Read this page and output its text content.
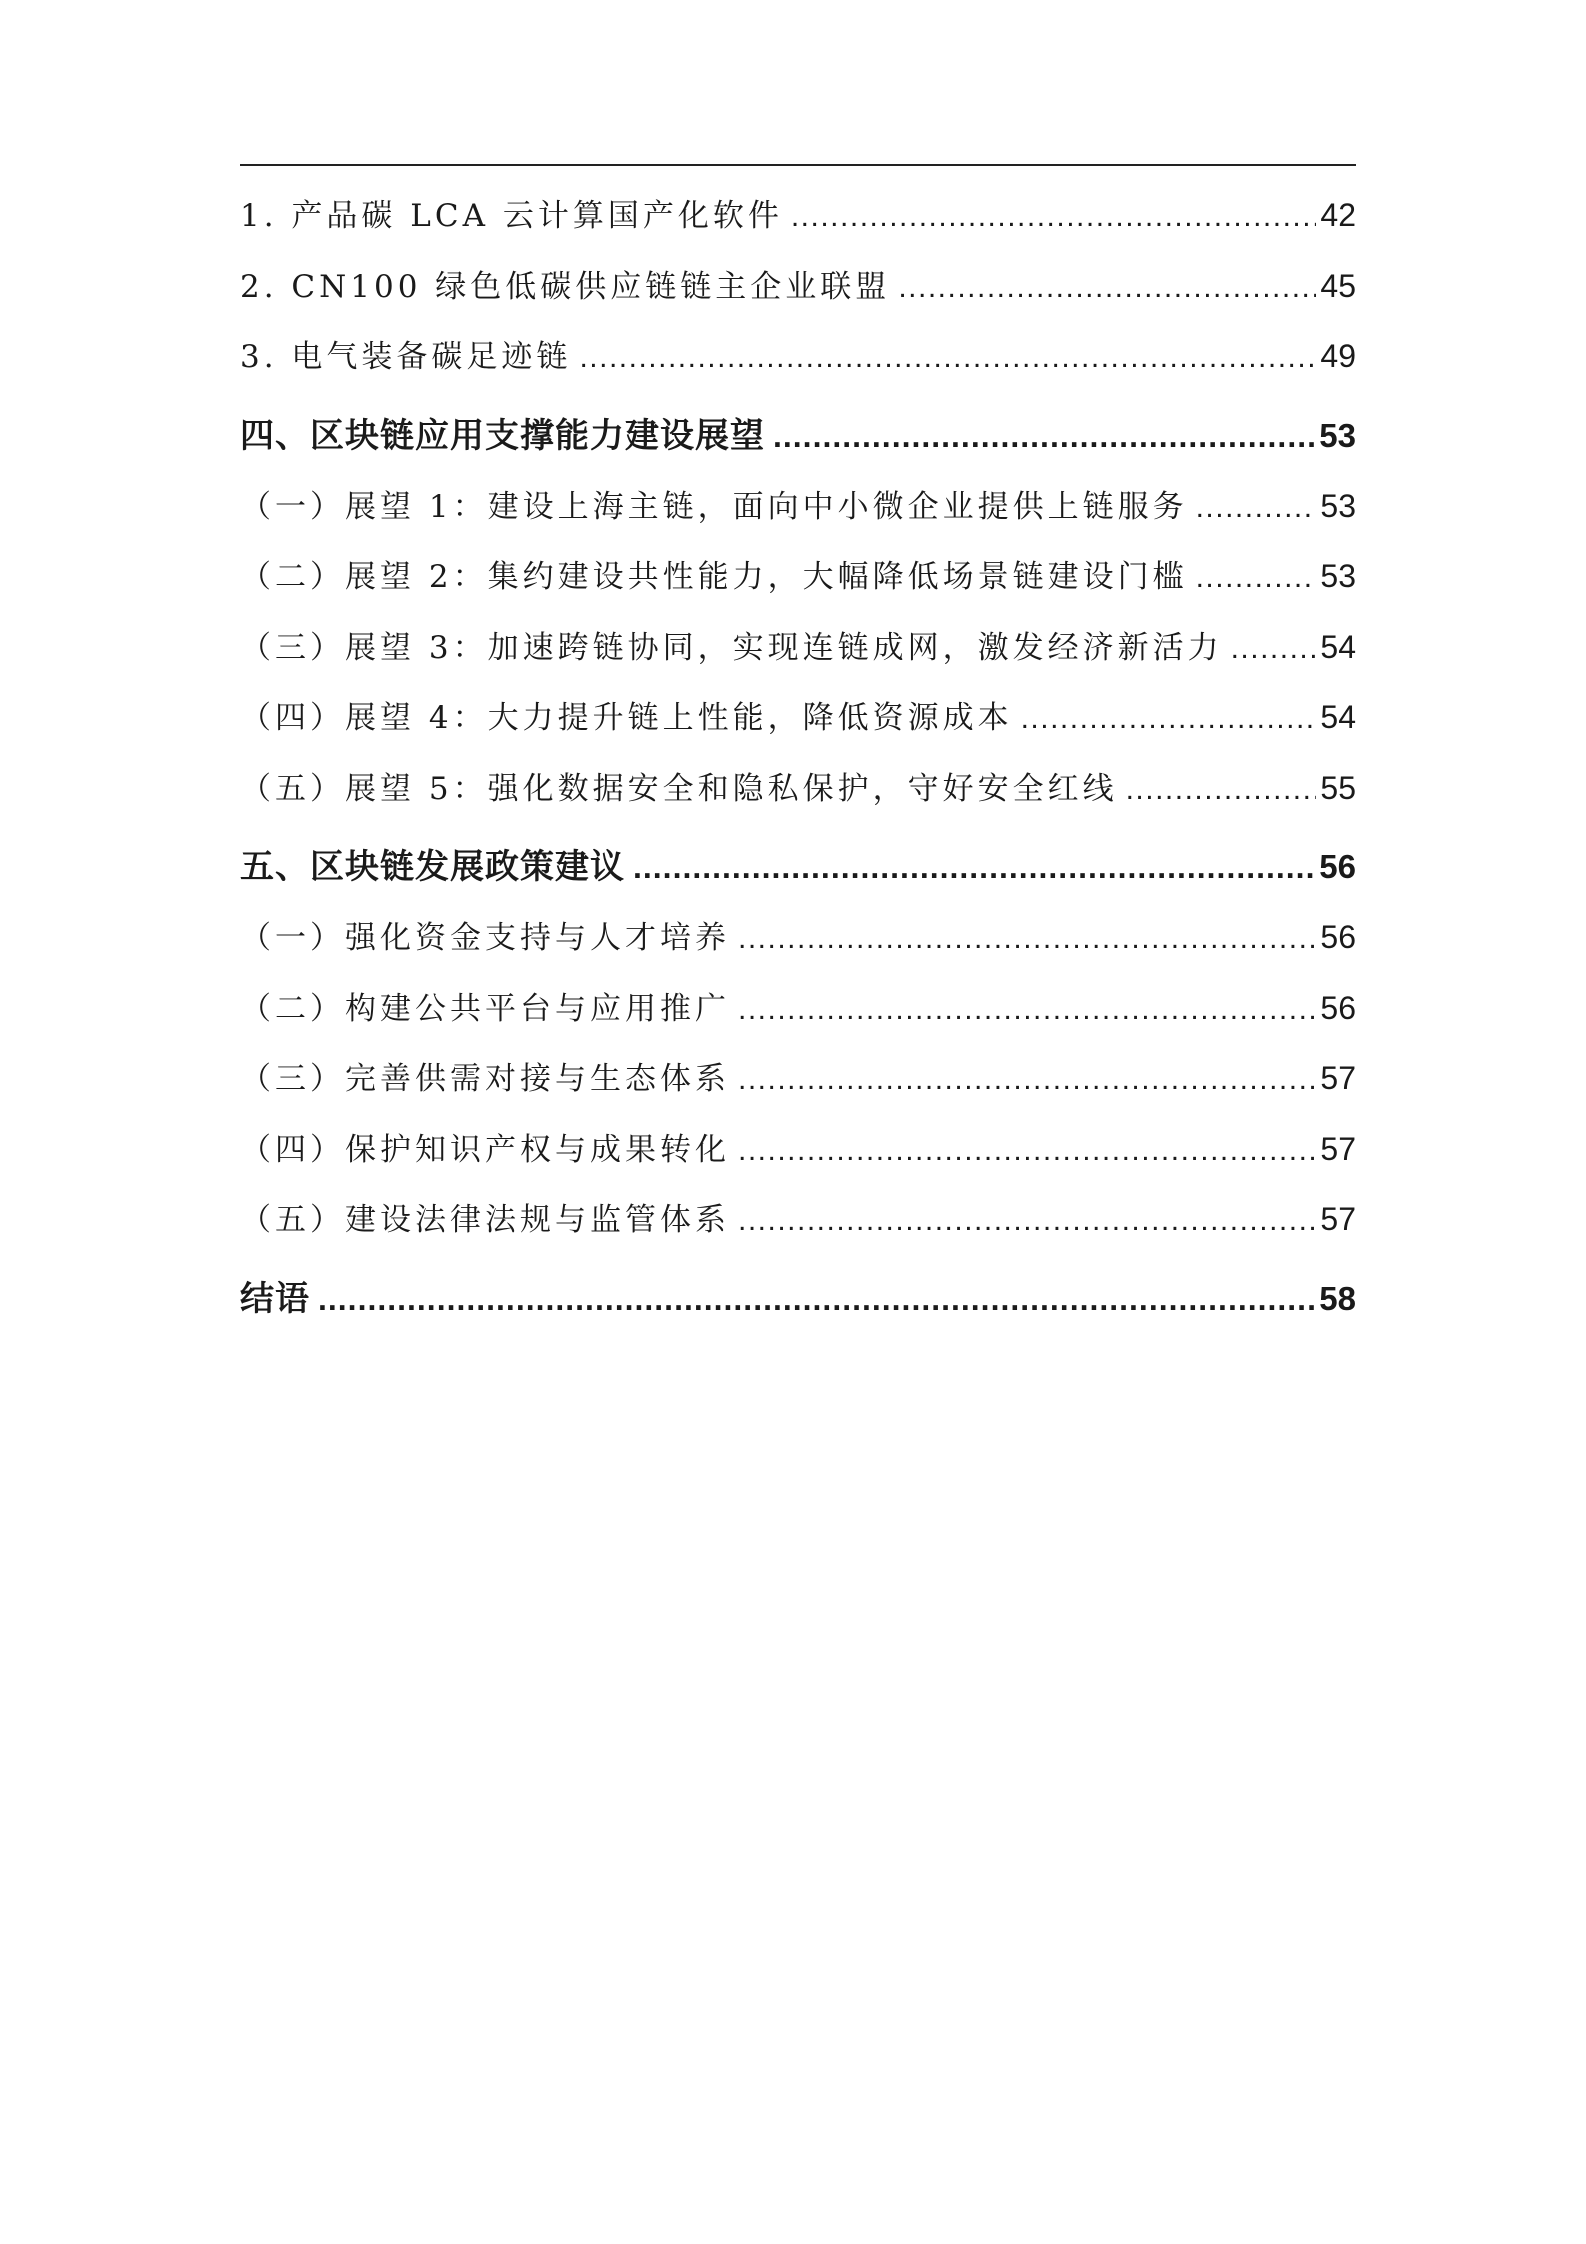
1. 产品碳 LCA 云计算国产化软件 .....	42
2. CN100 绿色低碳供应链链主企业联盟 .....	45
3. 电气装备碳足迹链 .....	49
四、区块链应用支撑能力建设展望 .....	53
（一）展望 1：建设上海主链，面向中小微企业提供上链服务 .....	53
（二）展望 2：集约建设共性能力，大幅降低场景链建设门槛 .....	53
（三）展望 3：加速跨链协同，实现连链成网，激发经济新活力 .....	54
（四）展望 4：大力提升链上性能，降低资源成本 .....	54
（五）展望 5：强化数据安全和隐私保护，守好安全红线 .....	55
五、区块链发展政策建议 .....	56
（一）强化资金支持与人才培养 .....	56
（二）构建公共平台与应用推广 .....	56
（三）完善供需对接与生态体系 .....	57
（四）保护知识产权与成果转化 .....	57
（五）建设法律法规与监管体系 .....	57
结语 .....	58
